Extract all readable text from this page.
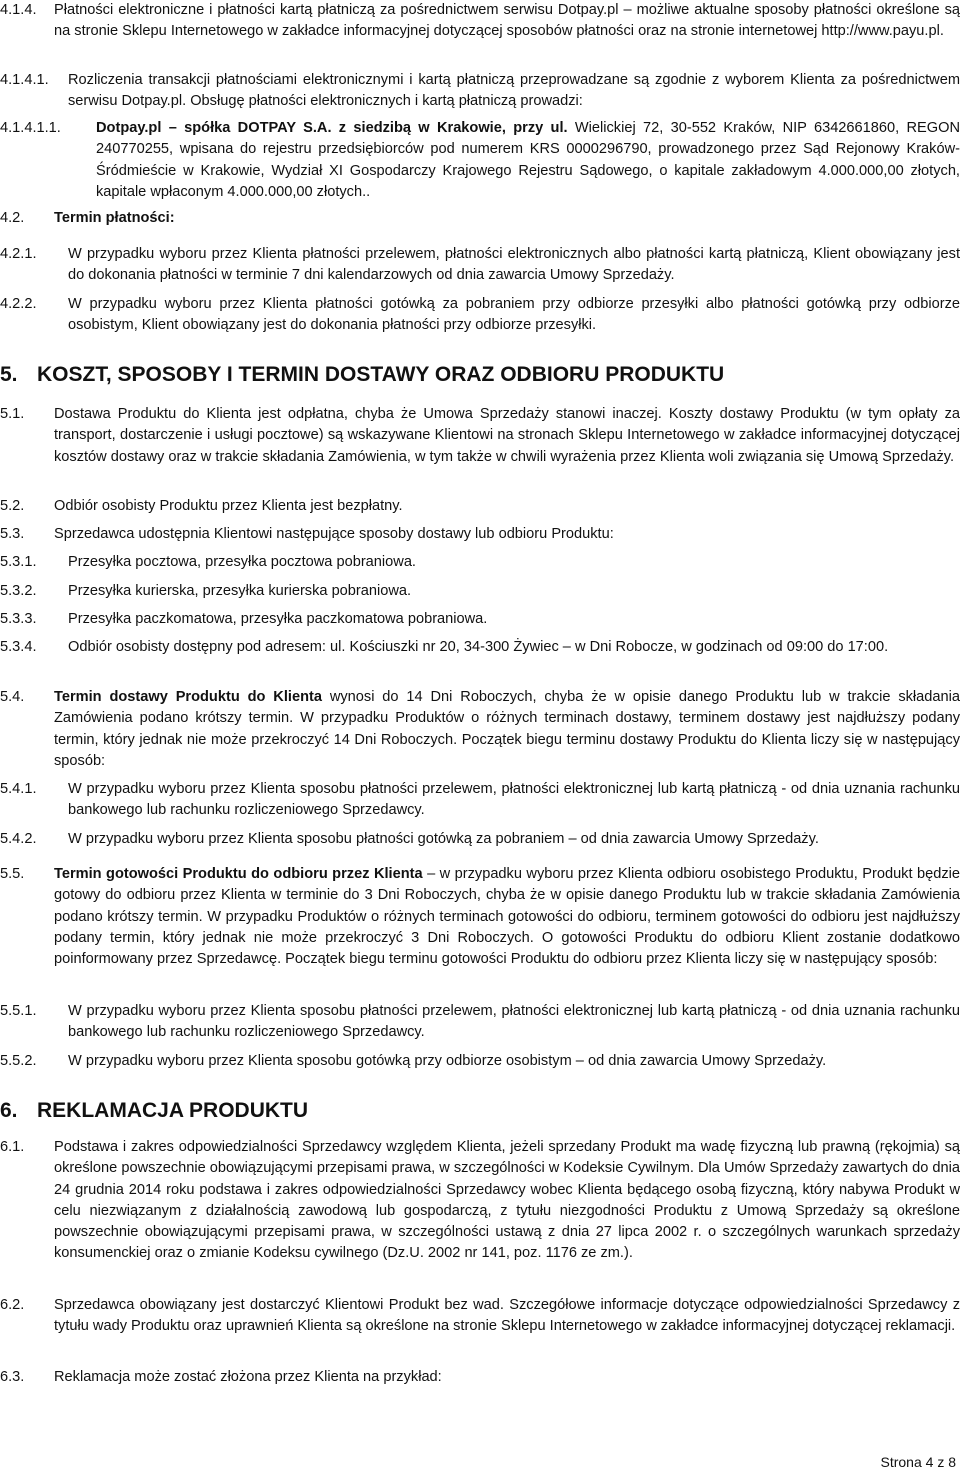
4.1.4. Płatności elektroniczne i płatności kartą płatniczą za pośrednictwem serwisu Dotpay.pl – możliwe aktualne sposoby płatności określone są na stronie Sklepu Internetowego w zakładce informacyjnej dotyczącej sposobów płatności oraz na stronie internetowej http://www.payu.pl.
4.1.4.1. Rozliczenia transakcji płatnościami elektronicznymi i kartą płatniczą przeprowadzane są zgodnie z wyborem Klienta za pośrednictwem serwisu Dotpay.pl. Obsługę płatności elektronicznych i kartą płatniczą prowadzi:
4.1.4.1.1. Dotpay.pl – spółka DOTPAY S.A. z siedzibą w Krakowie, przy ul. Wielickiej 72, 30-552 Kraków, NIP 6342661860, REGON 240770255, wpisana do rejestru przedsiębiorców pod numerem KRS 0000296790, prowadzonego przez Sąd Rejonowy Kraków-Śródmieście w Krakowie, Wydział XI Gospodarczy Krajowego Rejestru Sądowego, o kapitale zakładowym 4.000.000,00 złotych, kapitale wpłaconym 4.000.000,00 złotych..
4.2. Termin płatności:
4.2.1. W przypadku wyboru przez Klienta płatności przelewem, płatności elektronicznych albo płatności kartą płatniczą, Klient obowiązany jest do dokonania płatności w terminie 7 dni kalendarzowych od dnia zawarcia Umowy Sprzedaży.
4.2.2. W przypadku wyboru przez Klienta płatności gotówką za pobraniem przy odbiorze przesyłki albo płatności gotówką przy odbiorze osobistym, Klient obowiązany jest do dokonania płatności przy odbiorze przesyłki.
5. KOSZT, SPOSOBY I TERMIN DOSTAWY ORAZ ODBIORU PRODUKTU
5.1. Dostawa Produktu do Klienta jest odpłatna, chyba że Umowa Sprzedaży stanowi inaczej. Koszty dostawy Produktu (w tym opłaty za transport, dostarczenie i usługi pocztowe) są wskazywane Klientowi na stronach Sklepu Internetowego w zakładce informacyjnej dotyczącej kosztów dostawy oraz w trakcie składania Zamówienia, w tym także w chwili wyrażenia przez Klienta woli związania się Umową Sprzedaży.
5.2. Odbiór osobisty Produktu przez Klienta jest bezpłatny.
5.3. Sprzedawca udostępnia Klientowi następujące sposoby dostawy lub odbioru Produktu:
5.3.1. Przesyłka pocztowa, przesyłka pocztowa pobraniowa.
5.3.2. Przesyłka kurierska, przesyłka kurierska pobraniowa.
5.3.3. Przesyłka paczkomatowa, przesyłka paczkomatowa pobraniowa.
5.3.4. Odbiór osobisty dostępny pod adresem: ul. Kościuszki nr 20, 34-300 Żywiec – w Dni Robocze, w godzinach od 09:00 do 17:00.
5.4. Termin dostawy Produktu do Klienta wynosi do 14 Dni Roboczych, chyba że w opisie danego Produktu lub w trakcie składania Zamówienia podano krótszy termin. W przypadku Produktów o różnych terminach dostawy, terminem dostawy jest najdłuższy podany termin, który jednak nie może przekroczyć 14 Dni Roboczych. Początek biegu terminu dostawy Produktu do Klienta liczy się w następujący sposób:
5.4.1. W przypadku wyboru przez Klienta sposobu płatności przelewem, płatności elektronicznej lub kartą płatniczą - od dnia uznania rachunku bankowego lub rachunku rozliczeniowego Sprzedawcy.
5.4.2. W przypadku wyboru przez Klienta sposobu płatności gotówką za pobraniem – od dnia zawarcia Umowy Sprzedaży.
5.5. Termin gotowości Produktu do odbioru przez Klienta – w przypadku wyboru przez Klienta odbioru osobistego Produktu, Produkt będzie gotowy do odbioru przez Klienta w terminie do 3 Dni Roboczych, chyba że w opisie danego Produktu lub w trakcie składania Zamówienia podano krótszy termin. W przypadku Produktów o różnych terminach gotowości do odbioru, terminem gotowości do odbioru jest najdłuższy podany termin, który jednak nie może przekroczyć 3 Dni Roboczych. O gotowości Produktu do odbioru Klient zostanie dodatkowo poinformowany przez Sprzedawcę. Początek biegu terminu gotowości Produktu do odbioru przez Klienta liczy się w następujący sposób:
5.5.1. W przypadku wyboru przez Klienta sposobu płatności przelewem, płatności elektronicznej lub kartą płatniczą - od dnia uznania rachunku bankowego lub rachunku rozliczeniowego Sprzedawcy.
5.5.2. W przypadku wyboru przez Klienta sposobu gotówką przy odbiorze osobistym – od dnia zawarcia Umowy Sprzedaży.
6. REKLAMACJA PRODUKTU
6.1. Podstawa i zakres odpowiedzialności Sprzedawcy względem Klienta, jeżeli sprzedany Produkt ma wadę fizyczną lub prawną (rękojmia) są określone powszechnie obowiązującymi przepisami prawa, w szczególności w Kodeksie Cywilnym. Dla Umów Sprzedaży zawartych do dnia 24 grudnia 2014 roku podstawa i zakres odpowiedzialności Sprzedawcy wobec Klienta będącego osobą fizyczną, który nabywa Produkt w celu niezwiązanym z działalnością zawodową lub gospodarczą, z tytułu niezgodności Produktu z Umową Sprzedaży są określone powszechnie obowiązującymi przepisami prawa, w szczególności ustawą z dnia 27 lipca 2002 r. o szczególnych warunkach sprzedaży konsumenckiej oraz o zmianie Kodeksu cywilnego (Dz.U. 2002 nr 141, poz. 1176 ze zm.).
6.2. Sprzedawca obowiązany jest dostarczyć Klientowi Produkt bez wad. Szczegółowe informacje dotyczące odpowiedzialności Sprzedawcy z tytułu wady Produktu oraz uprawnień Klienta są określone na stronie Sklepu Internetowego w zakładce informacyjnej dotyczącej reklamacji.
6.3. Reklamacja może zostać złożona przez Klienta na przykład:
Strona 4 z 8
